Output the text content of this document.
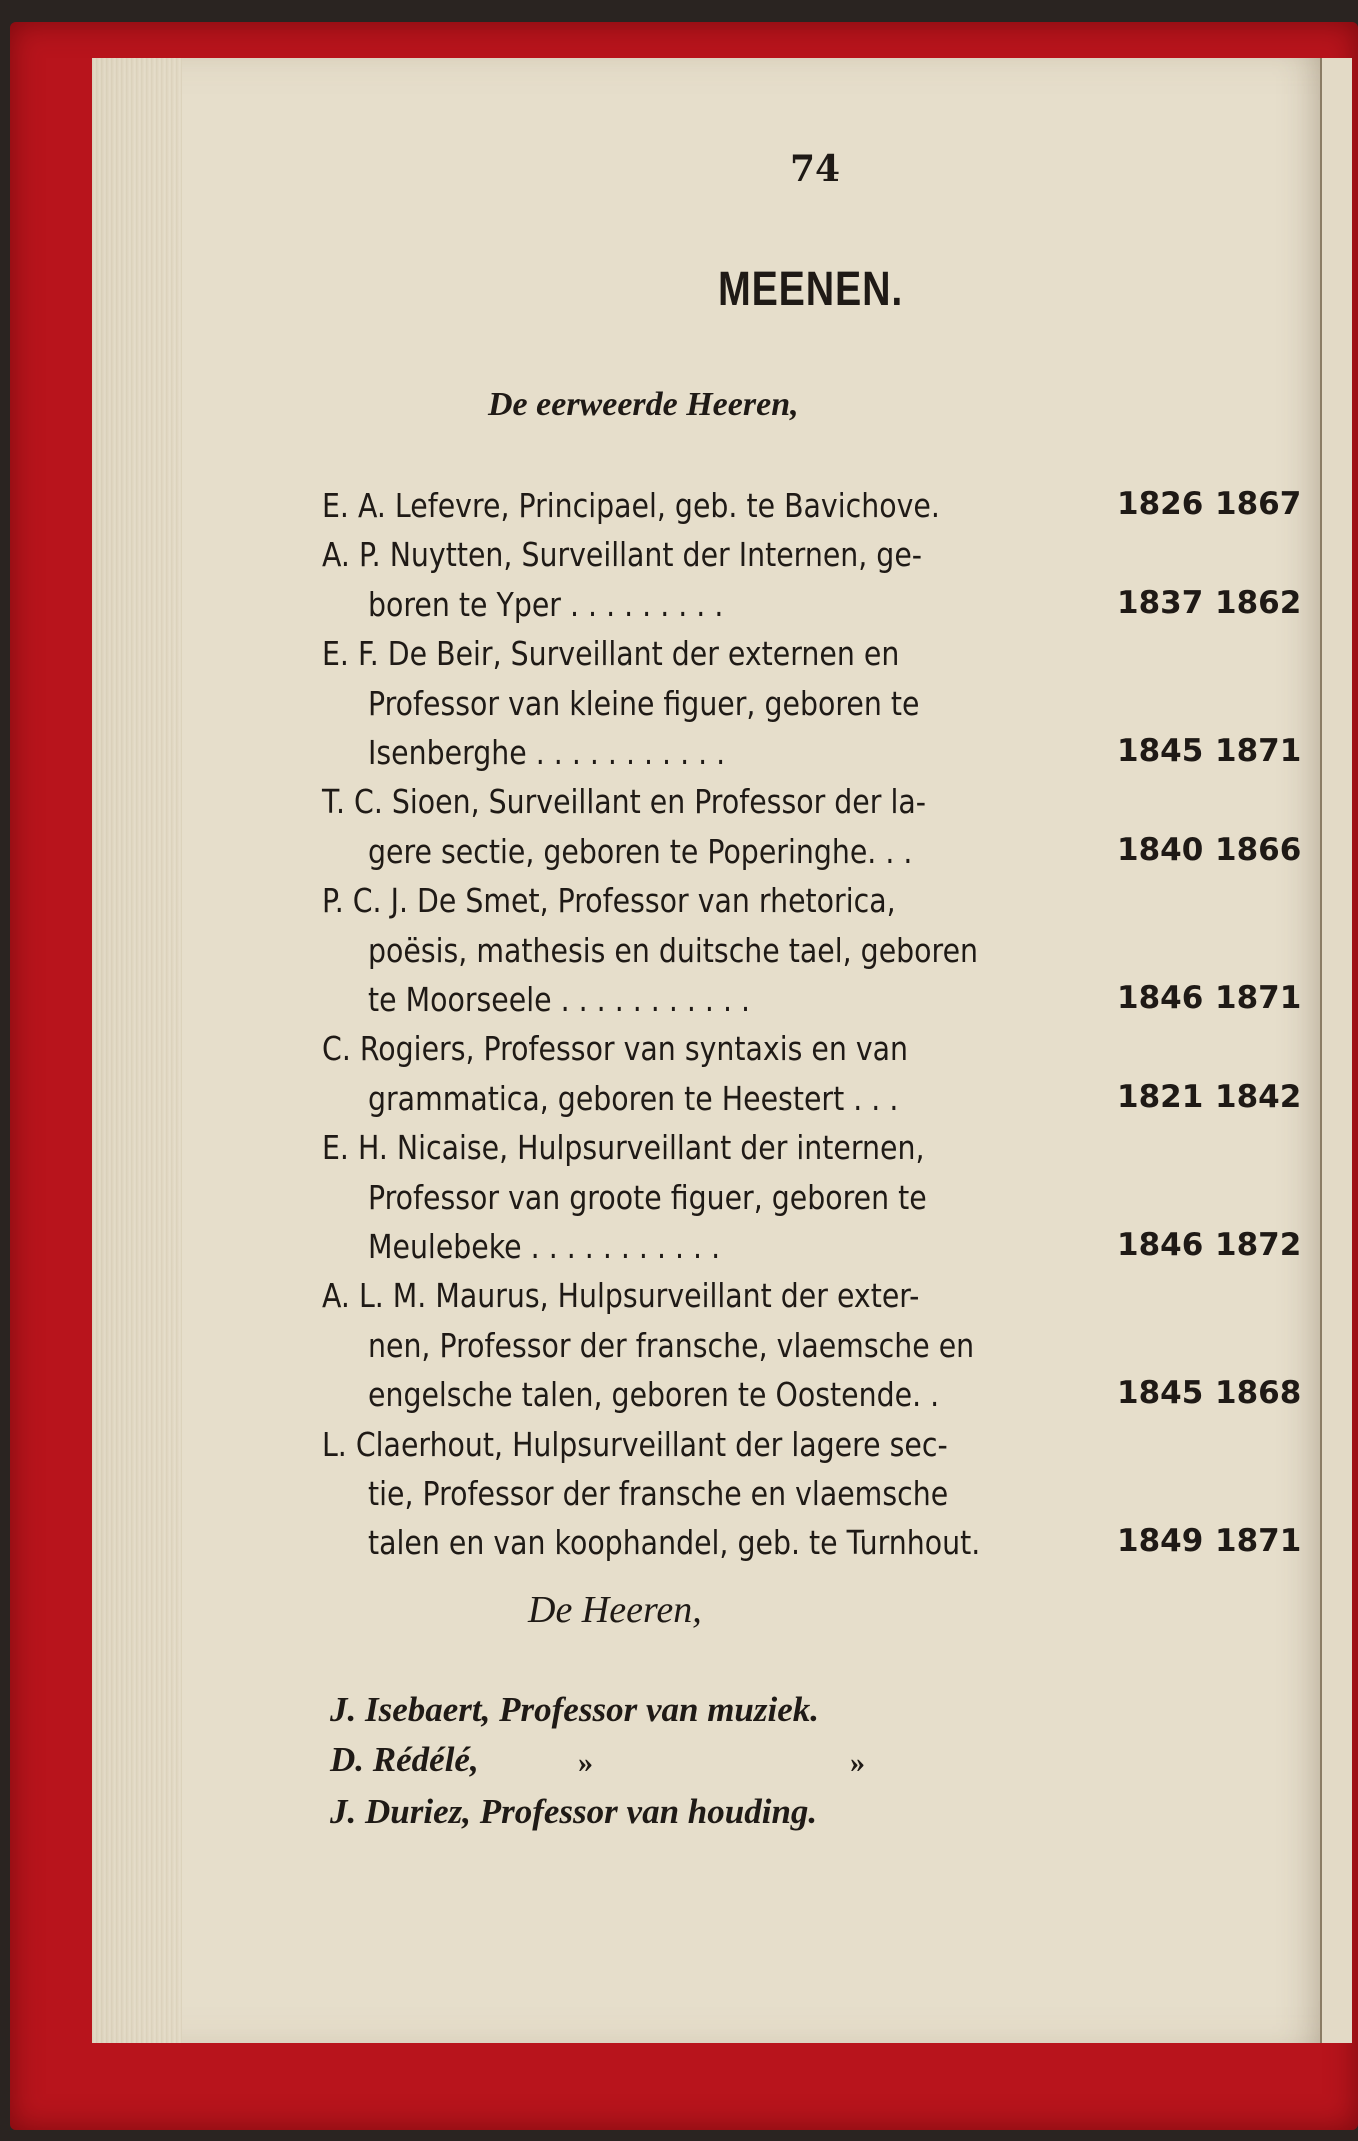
74
MEENEN.
De eerweerde Heeren,
E. A. Lefevre, Principael, geb. te Bavichove.	1826 1867
A. P. Nuytten, Surveillant der Internen, ge-
boren te Yper . . . . . . . . .	1837 1862
E. F. De Beir, Surveillant der externen en
Professor van kleine figuer, geboren te
Isenberghe . . . . . . . . . . .	1845 1871
T. C. Sioen, Surveillant en Professor der la-
gere sectie, geboren te Poperinghe. . .	1840 1866
P. C. J. De Smet, Professor van rhetorica,
poësis, mathesis en duitsche tael, geboren
te Moorseele . . . . . . . . . . .	1846 1871
C. Rogiers, Professor van syntaxis en van
grammatica, geboren te Heestert . . .	1821 1842
E. H. Nicaise, Hulpsurveillant der internen,
Professor van groote figuer, geboren te
Meulebeke . . . . . . . . . . .	1846 1872
A. L. M. Maurus, Hulpsurveillant der exter-
nen, Professor der fransche, vlaemsche en
engelsche talen, geboren te Oostende. .	1845 1868
L. Claerhout, Hulpsurveillant der lagere sec-
tie, Professor der fransche en vlaemsche
talen en van koophandel, geb. te Turnhout.	1849 1871
De Heeren,
J. Isebaert, Professor van muziek.
D. Rédélé,	»	»
J. Duriez, Professor van houding.
